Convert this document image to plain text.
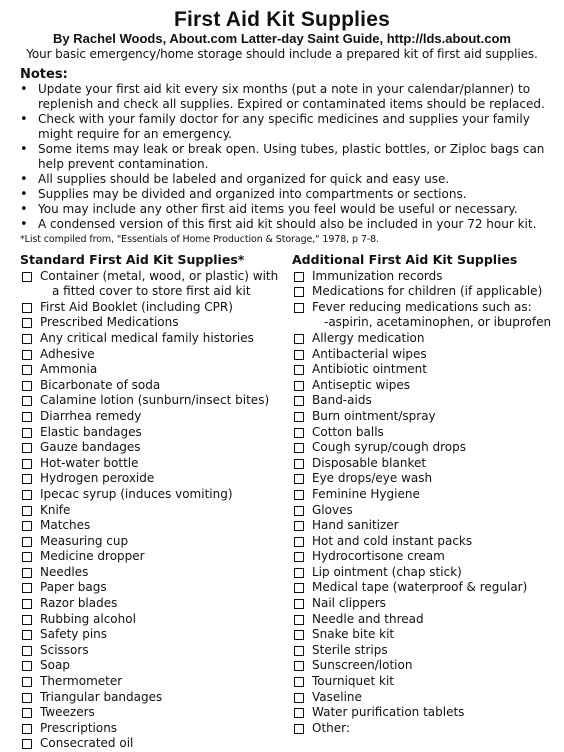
First Aid Kit Supplies
By Rachel Woods, About.com Latter-day Saint Guide, http://lds.about.com
Your basic emergency/home storage should include a prepared kit of first aid supplies.
Notes:
• Update your first aid kit every six months (put a note in your calendar/planner) to replenish and check all supplies. Expired or contaminated items should be replaced.
• Check with your family doctor for any specific medicines and supplies your family might require for an emergency.
• Some items may leak or break open. Using tubes, plastic bottles, or Ziploc bags can help prevent contamination.
• All supplies should be labeled and organized for quick and easy use.
• Supplies may be divided and organized into compartments or sections.
• You may include any other first aid items you feel would be useful or necessary.
• A condensed version of this first aid kit should also be included in your 72 hour kit.
*List compiled from, "Essentials of Home Production & Storage," 1978, p 7-8.
Standard First Aid Kit Supplies*
Container (metal, wood, or plastic) with
a fitted cover to store first aid kit
First Aid Booklet (including CPR)
Prescribed Medications
Any critical medical family histories
Adhesive
Ammonia
Bicarbonate of soda
Calamine lotion (sunburn/insect bites)
Diarrhea remedy
Elastic bandages
Gauze bandages
Hot-water bottle
Hydrogen peroxide
Ipecac syrup (induces vomiting)
Knife
Matches
Measuring cup
Medicine dropper
Needles
Paper bags
Razor blades
Rubbing alcohol
Safety pins
Scissors
Soap
Thermometer
Triangular bandages
Tweezers
Prescriptions
Consecrated oil
Additional First Aid Kit Supplies
Immunization records
Medications for children (if applicable)
Fever reducing medications such as:
-aspirin, acetaminophen, or ibuprofen
Allergy medication
Antibacterial wipes
Antibiotic ointment
Antiseptic wipes
Band-aids
Burn ointment/spray
Cotton balls
Cough syrup/cough drops
Disposable blanket
Eye drops/eye wash
Feminine Hygiene
Gloves
Hand sanitizer
Hot and cold instant packs
Hydrocortisone cream
Lip ointment (chap stick)
Medical tape (waterproof & regular)
Nail clippers
Needle and thread
Snake bite kit
Sterile strips
Sunscreen/lotion
Tourniquet kit
Vaseline
Water purification tablets
Other:
